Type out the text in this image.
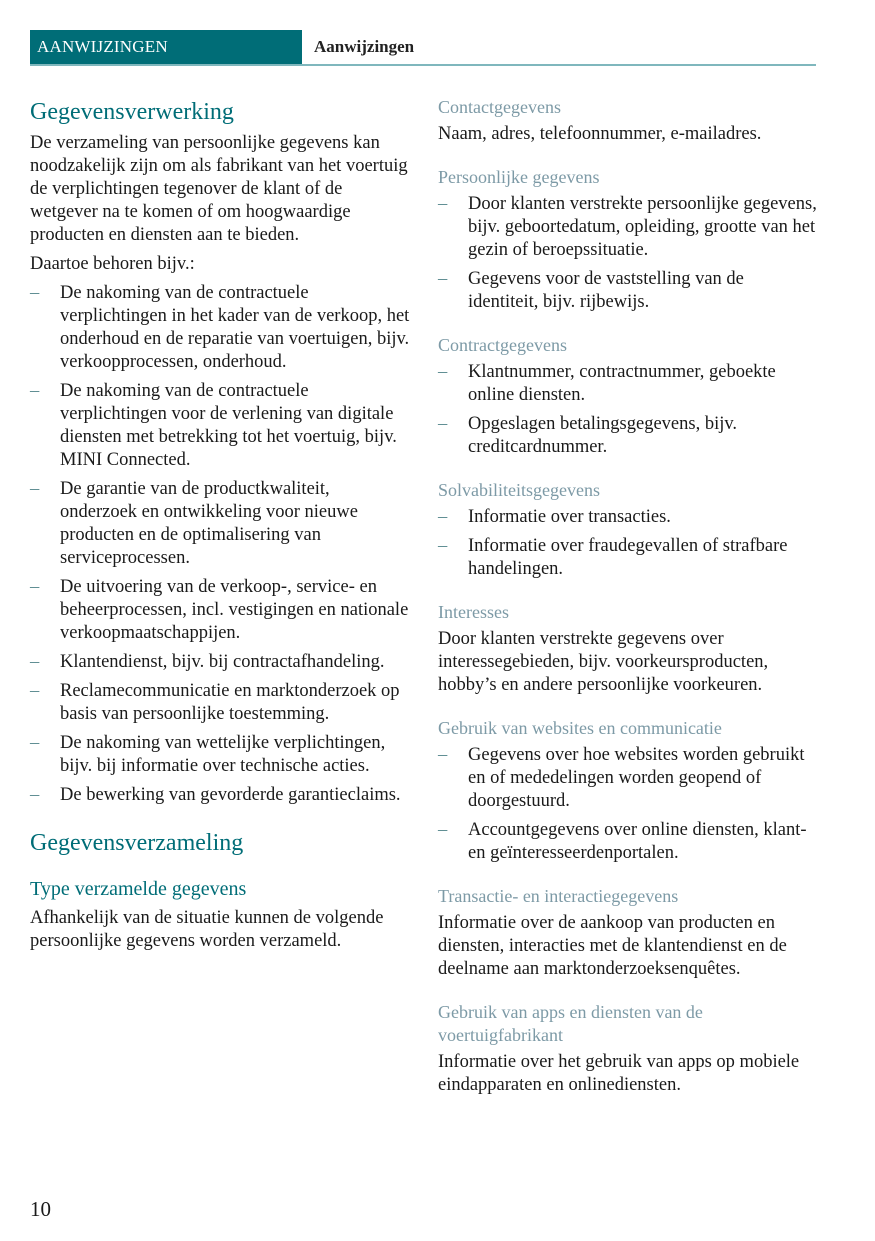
AANWIJZINGEN	Aanwijzingen
Gegevensverwerking

De verzameling van persoonlijke gegevens kan noodzakelijk zijn om als fabrikant van het voertuig de verplichtingen tegenover de klant of de wetgever na te komen of om hoogwaardige producten en diensten aan te bieden.

Daartoe behoren bijv.:

– De nakoming van de contractuele verplichtingen in het kader van de verkoop, het onderhoud en de reparatie van voertuigen, bijv. verkoopprocessen, onderhoud.
– De nakoming van de contractuele verplichtingen voor de verlening van digitale diensten met betrekking tot het voertuig, bijv. MINI Connected.
– De garantie van de productkwaliteit, onderzoek en ontwikkeling voor nieuwe producten en de optimalisering van serviceprocessen.
– De uitvoering van de verkoop-, service- en beheerprocessen, incl. vestigingen en nationale verkoopmaatschappijen.
– Klantendienst, bijv. bij contractafhandeling.
– Reclamecommunicatie en marktonderzoek op basis van persoonlijke toestemming.
– De nakoming van wettelijke verplichtingen, bijv. bij informatie over technische acties.
– De bewerking van gevorderde garantieclaims.
Gegevensverzameling
Type verzamelde gegevens

Afhankelijk van de situatie kunnen de volgende persoonlijke gegevens worden verzameld.

Contactgegevens

Naam, adres, telefoonnummer, e-mailadres.

Persoonlijke gegevens
– Door klanten verstrekte persoonlijke gegevens, bijv. geboortedatum, opleiding, grootte van het gezin of beroepssituatie.
– Gegevens voor de vaststelling van de identiteit, bijv. rijbewijs.
Contractgegevens
– Klantnummer, contractnummer, geboekte online diensten.
– Opgeslagen betalingsgegevens, bijv. creditcardnummer.
Solvabiliteitsgegevens
– Informatie over transacties.
– Informatie over fraudegevallen of strafbare handelingen.
Interesses

Door klanten verstrekte gegevens over interessegebieden, bijv. voorkeursproducten, hobby’s en andere persoonlijke voorkeuren.

Gebruik van websites en communicatie
– Gegevens over hoe websites worden gebruikt en of mededelingen worden geopend of doorgestuurd.
– Accountgegevens over online diensten, klant- en geïnteresseerdenportalen.
Transactie- en interactiegegevens

Informatie over de aankoop van producten en diensten, interacties met de klantendienst en de deelname aan marktonderzoeksenquêtes.

Gebruik van apps en diensten van de voertuigfabrikant

Informatie over het gebruik van apps op mobiele eindapparaten en onlinediensten.

10
